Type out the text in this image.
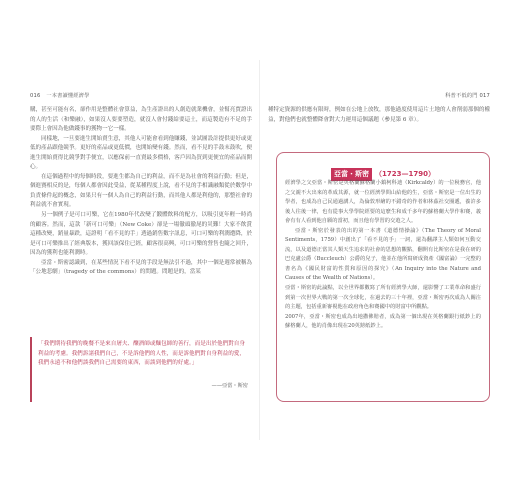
016 一本書讀懂經濟學

購，甚至可能有名，卻作用是整體社會算益，為生產證出的人創造就業機會，並幫亮賈證出的人的生活（和樂融），如果沒人要要塑造，就沒人會付錢給要這土，而這製造有不足的手要際上會因為他做錢事的獲物一它一樣。

同樣地，一旦要進生開始賣生意，其他人可能會看到他賺錢，並試圖設計提供更好或更低的產品跟他競爭。更好的產品或更低價，也開始變有錢。然而，看不見的手鼓末鼓吹，便進生開始賣得比競爭對手便宜，以應保前一直賣最多價格，客戶因為買到更便宜的產品而開心。

在這個過程中的每個時段，要進生都為自己的利益，而不是為社會的利益行動；但是，個進賽相反的是，每個人都會因此受益，從某種程度上說，看不見的手相識融類從於數學中負責條件起的概念，如果只有一個人為自己的利益行動，而其他人都是利他的，那整社會的利益就不會實現。

另一個例子是可口可樂，它在1980年代改變了鍛體飲料的配方，以吸引更年輕一時尚的顧客。然而，這款「新可口可樂」（New Coke）卻是一場徹頭徹尾的災難！大家不飲賞這種改變，銷量暴跌，這證明「看不見的手」透過銷售數字訊息，可口可樂的利潤遭降，於是可口可樂推出了經典版本，獲回該保住已經，顧客很高興，可口可樂的營售也隨之回升，因為的獲利也能利潤時。

亞當・斯密認識到，在某些情況下看不見的手段是無法引不過，其中一個是週常被稱為「公地悲劇」（tragedy of the commons）的問題。問題是的，當某

「我們期待我們的晚餐不是來自屠夫、釀酒師或麵包師的善行，而是出於他們對自身利益的考慮。我們訴諸我們自己，不是訴他們的人性，而是訴他們對自身利益的愛，我們永遠不和他們談我們自己需要的東西，而談到他們的好處。」

——亞當・斯密
科普不低的門 017

種特定資源的供應有限時，例如在公地上放牧，那他過度使用這片土地的人會削弱那個的權益，對他們也就整體降會對大力運用這個議題（參見第 6 章）。

亞當・斯密 （1723—1790）

經濟學之父亞當・斯密是英格蘭蘇格蘭小鎮柯科迪（Kirkcaldy）的一位稅務官，他之父親不大出來的革成其源，就一位經濟學問山給他的生，亞當・斯密是一位出生的學者，也成為自己民通過講人，為倫敦形繪的不錯奇的作者和林茲社交圈遞，養許多後人往後一律，也有從事大學學院經要的這麼生和成千多年的蘇格蘭大學作和賽，義會有有人看到他自願的當初，而且他有學習的交遊之人。

亞當・斯密於發表的出的第一本書《道德情操論》（The Theory of Moral Sentiments，1759）中創出了「看不見的手」一詞，還為翻譯主人類如何互動交流，以及道德正當其人類天生追求的社會的思想的觀點，翻開有比斯密在是我在研的巴克盧公爵（Buccleuch）公爵的兒子，他並在他所寫研成資產《國富論》一完整的書名為《國民財富的性質和原因的探究》（An Inquiry into the Nature and Causes of the Wealth of Nations）。

亞當・斯密的此論點，以全世界都數寫了所有經濟學大師，還影響了工業革命和盛行到第一次世界大戰的第一次全球化，在過去的三十年裡，亞當・斯密再次成為人關注的主題，包括重新審視他在政府角色和賽國中的財富中所觀點。

2007年，亞當・斯密也成為出地撒佛賠者，成為第一個出現在英格蘭銀行紙鈔上的蘇格蘭人，他的肖像出現在20英鎊紙鈔上。
